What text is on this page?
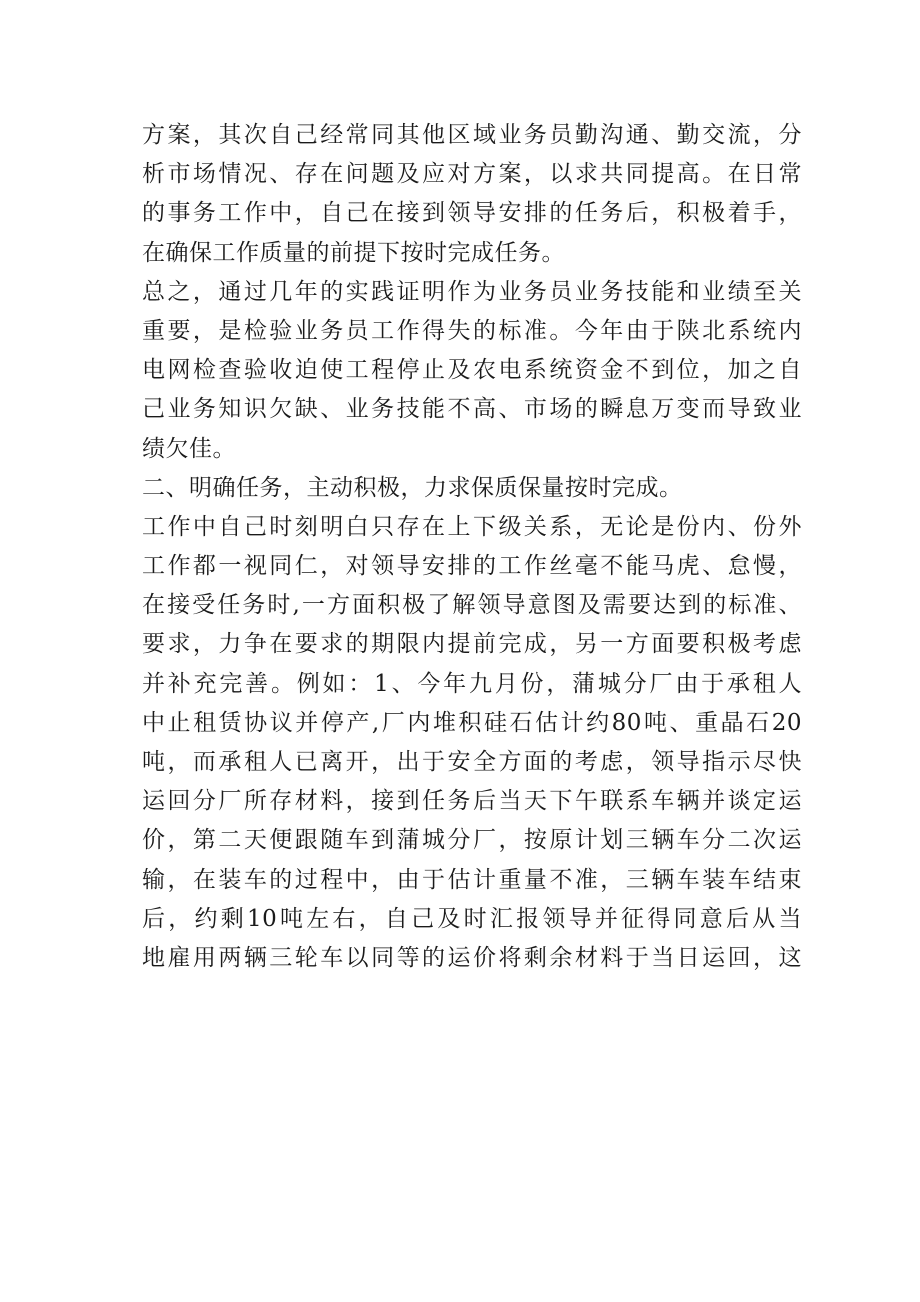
方案，其次自己经常同其他区域业务员勤沟通、勤交流，分
析市场情况、存在问题及应对方案，以求共同提高。在日常
的事务工作中，自己在接到领导安排的任务后，积极着手，
在确保工作质量的前提下按时完成任务。
总之，通过几年的实践证明作为业务员业务技能和业绩至关
重要，是检验业务员工作得失的标准。今年由于陕北系统内
电网检查验收迫使工程停止及农电系统资金不到位，加之自
己业务知识欠缺、业务技能不高、市场的瞬息万变而导致业
绩欠佳。
二、明确任务，主动积极，力求保质保量按时完成。
工作中自己时刻明白只存在上下级关系，无论是份内、份外
工作都一视同仁，对领导安排的工作丝毫不能马虎、怠慢，
在接受任务时,一方面积极了解领导意图及需要达到的标准、
要求，力争在要求的期限内提前完成，另一方面要积极考虑
并补充完善。例如：1、今年九月份，蒲城分厂由于承租人
中止租赁协议并停产,厂内堆积硅石估计约80吨、重晶石20
吨，而承租人已离开，出于安全方面的考虑，领导指示尽快
运回分厂所存材料，接到任务后当天下午联系车辆并谈定运
价，第二天便跟随车到蒲城分厂，按原计划三辆车分二次运
输，在装车的过程中，由于估计重量不准，三辆车装车结束
后，约剩10吨左右，自己及时汇报领导并征得同意后从当
地雇用两辆三轮车以同等的运价将剩余材料于当日运回，这
